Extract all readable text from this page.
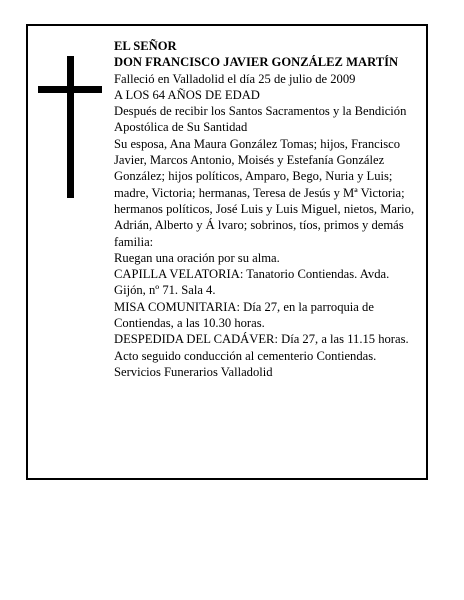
EL SEÑOR

DON FRANCISCO JAVIER GONZÁLEZ MARTÍN

Falleció en Valladolid el día 25 de julio de 2009

A LOS 64 AÑOS DE EDAD

Después de recibir los Santos Sacramentos y la Bendición Apostólica de Su Santidad

Su esposa, Ana Maura González Tomas; hijos, Francisco Javier, Marcos Antonio, Moisés y Estefanía González González; hijos políticos, Amparo, Bego, Nuria y Luis; madre, Victoria; hermanas, Teresa de Jesús y Mª Victoria; hermanos políticos, José Luis y Luis Miguel, nietos, Mario, Adrián, Alberto y Á lvaro; sobrinos, tíos, primos y demás familia:

Ruegan una oración por su alma.

CAPILLA VELATORIA: Tanatorio Contiendas. Avda. Gijón, nº 71. Sala 4.

MISA COMUNITARIA: Día 27, en la parroquia de Contiendas, a las 10.30 horas.

DESPEDIDA DEL CADÁVER: Día 27, a las 11.15 horas. Acto seguido conducción al cementerio Contiendas.

Servicios Funerarios Valladolid
